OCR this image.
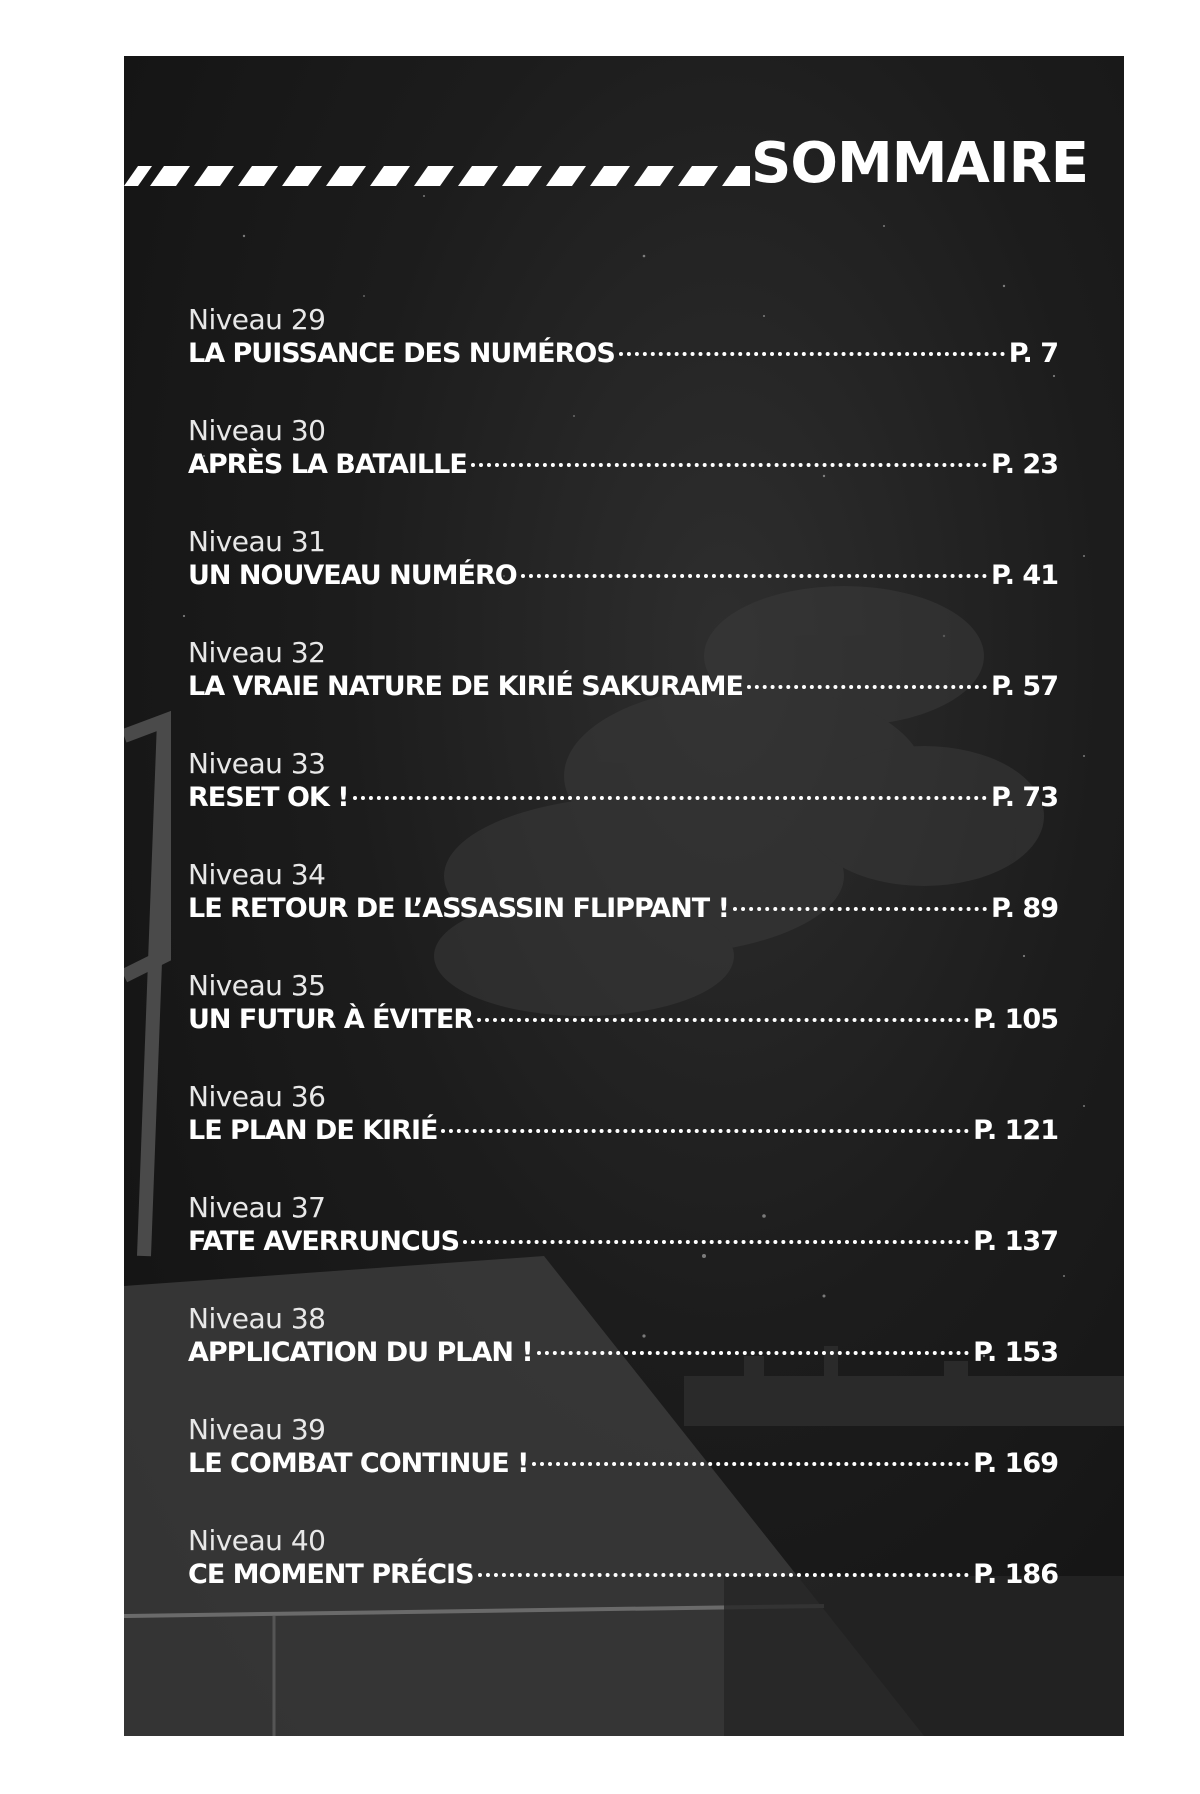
SOMMAIRE
Niveau 29
LA PUISSANCE DES NUMÉROS	P. 7
Niveau 30
APRÈS LA BATAILLE	P. 23
Niveau 31
UN NOUVEAU NUMÉRO	P. 41
Niveau 32
LA VRAIE NATURE DE KIRIÉ SAKURAME	P. 57
Niveau 33
RESET OK !	P. 73
Niveau 34
LE RETOUR DE L’ASSASSIN FLIPPANT !	P. 89
Niveau 35
UN FUTUR À ÉVITER	P. 105
Niveau 36
LE PLAN DE KIRIÉ	P. 121
Niveau 37
FATE AVERRUNCUS	P. 137
Niveau 38
APPLICATION DU PLAN !	P. 153
Niveau 39
LE COMBAT CONTINUE !	P. 169
Niveau 40
CE MOMENT PRÉCIS	P. 186
